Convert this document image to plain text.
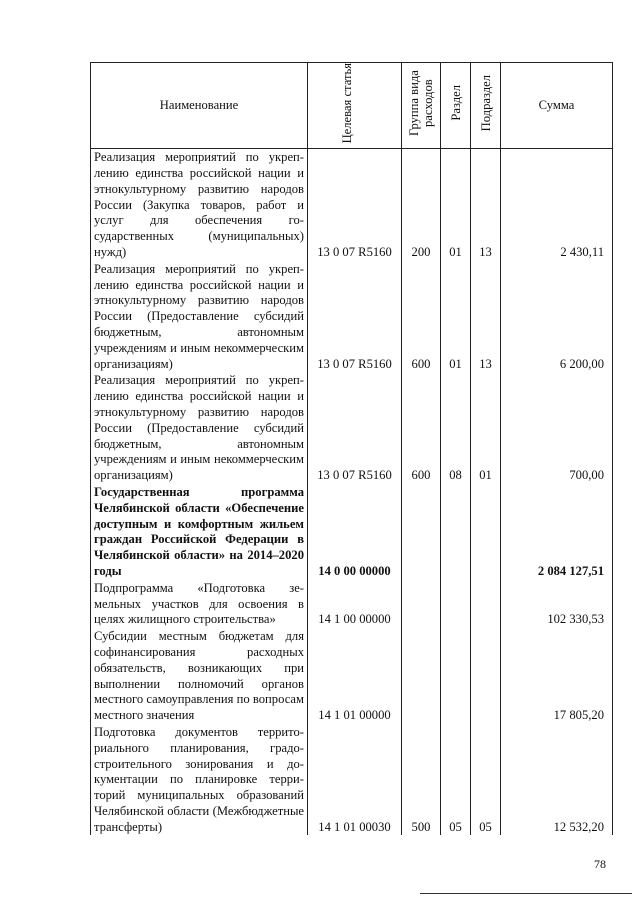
Наименование	Целевая статья	Группа вида расходов	Раздел	Подраздел	Сумма
Реализация мероприятий по укреплению единства российской нации и этнокультурному развитию народов России (Закупка товаров, работ и услуг для обеспечения государственных (муниципальных) нужд)	13 0 07 R5160	200	01	13	2 430,11
Реализация мероприятий по укреплению единства российской нации и этнокультурному развитию народов России (Предоставление субсидий бюджетным, автономным учреждениям и иным некоммерческим организациям)	13 0 07 R5160	600	01	13	6 200,00
Реализация мероприятий по укреплению единства российской нации и этнокультурному развитию народов России (Предоставление субсидий бюджетным, автономным учреждениям и иным некоммерческим организациям)	13 0 07 R5160	600	08	01	700,00
Государственная программа Челябинской области «Обеспечение доступным и комфортным жильем граждан Российской Федерации в Челябинской области» на 2014–2020 годы	14 0 00 00000				2 084 127,51
Подпрограмма «Подготовка земельных участков для освоения в целях жилищного строительства»	14 1 00 00000				102 330,53
Субсидии местным бюджетам для софинансирования расходных обязательств, возникающих при выполнении полномочий органов местного самоуправления по вопросам местного значения	14 1 01 00000				17 805,20
Подготовка документов территориального планирования, градостроительного зонирования и документации по планировке территорий муниципальных образований Челябинской области (Межбюджетные трансферты)	14 1 01 00030	500	05	05	12 532,20
78
